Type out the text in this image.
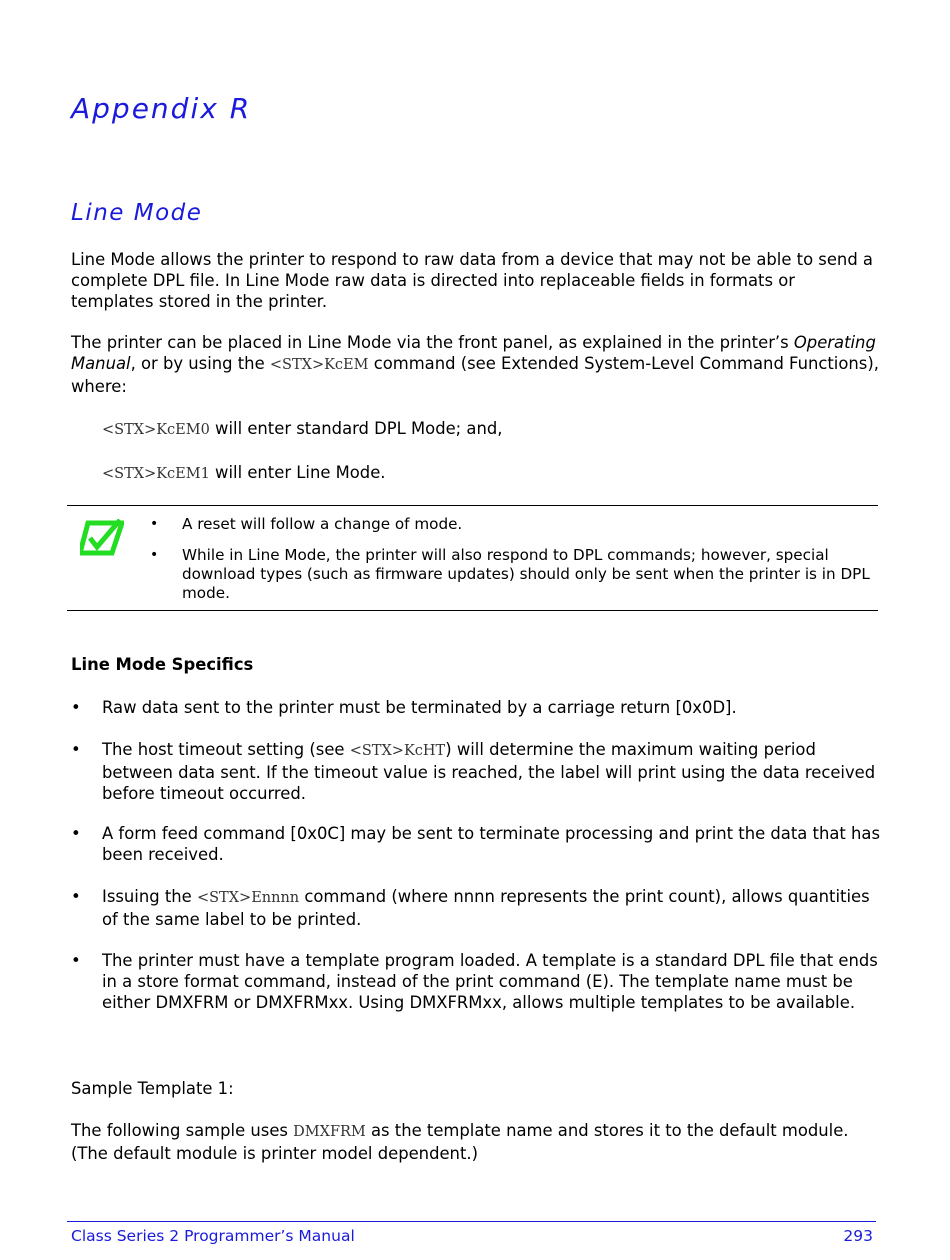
Appendix R
Line Mode

Line Mode allows the printer to respond to raw data from a device that may not be able to send a complete DPL file. In Line Mode raw data is directed into replaceable fields in formats or templates stored in the printer.

The printer can be placed in Line Mode via the front panel, as explained in the printer’s Operating Manual, or by using the <STX>KcEM command (see Extended System-Level Command Functions), where:

<STX>KcEM0 will enter standard DPL Mode; and,

<STX>KcEM1 will enter Line Mode.

• A reset will follow a change of mode.

• While in Line Mode, the printer will also respond to DPL commands; however, special download types (such as firmware updates) should only be sent when the printer is in DPL mode.

Line Mode Specifics
• Raw data sent to the printer must be terminated by a carriage return [0x0D].

• The host timeout setting (see <STX>KcHT) will determine the maximum waiting period between data sent. If the timeout value is reached, the label will print using the data received before timeout occurred.

• A form feed command [0x0C] may be sent to terminate processing and print the data that has been received.

• Issuing the <STX>Ennnn command (where nnnn represents the print count), allows quantities of the same label to be printed.

• The printer must have a template program loaded. A template is a standard DPL file that ends in a store format command, instead of the print command (E). The template name must be either DMXFRM or DMXFRMxx. Using DMXFRMxx, allows multiple templates to be available.

Sample Template 1:

The following sample uses DMXFRM as the template name and stores it to the default module. (The default module is printer model dependent.)

Class Series 2 Programmer’s Manual	293
